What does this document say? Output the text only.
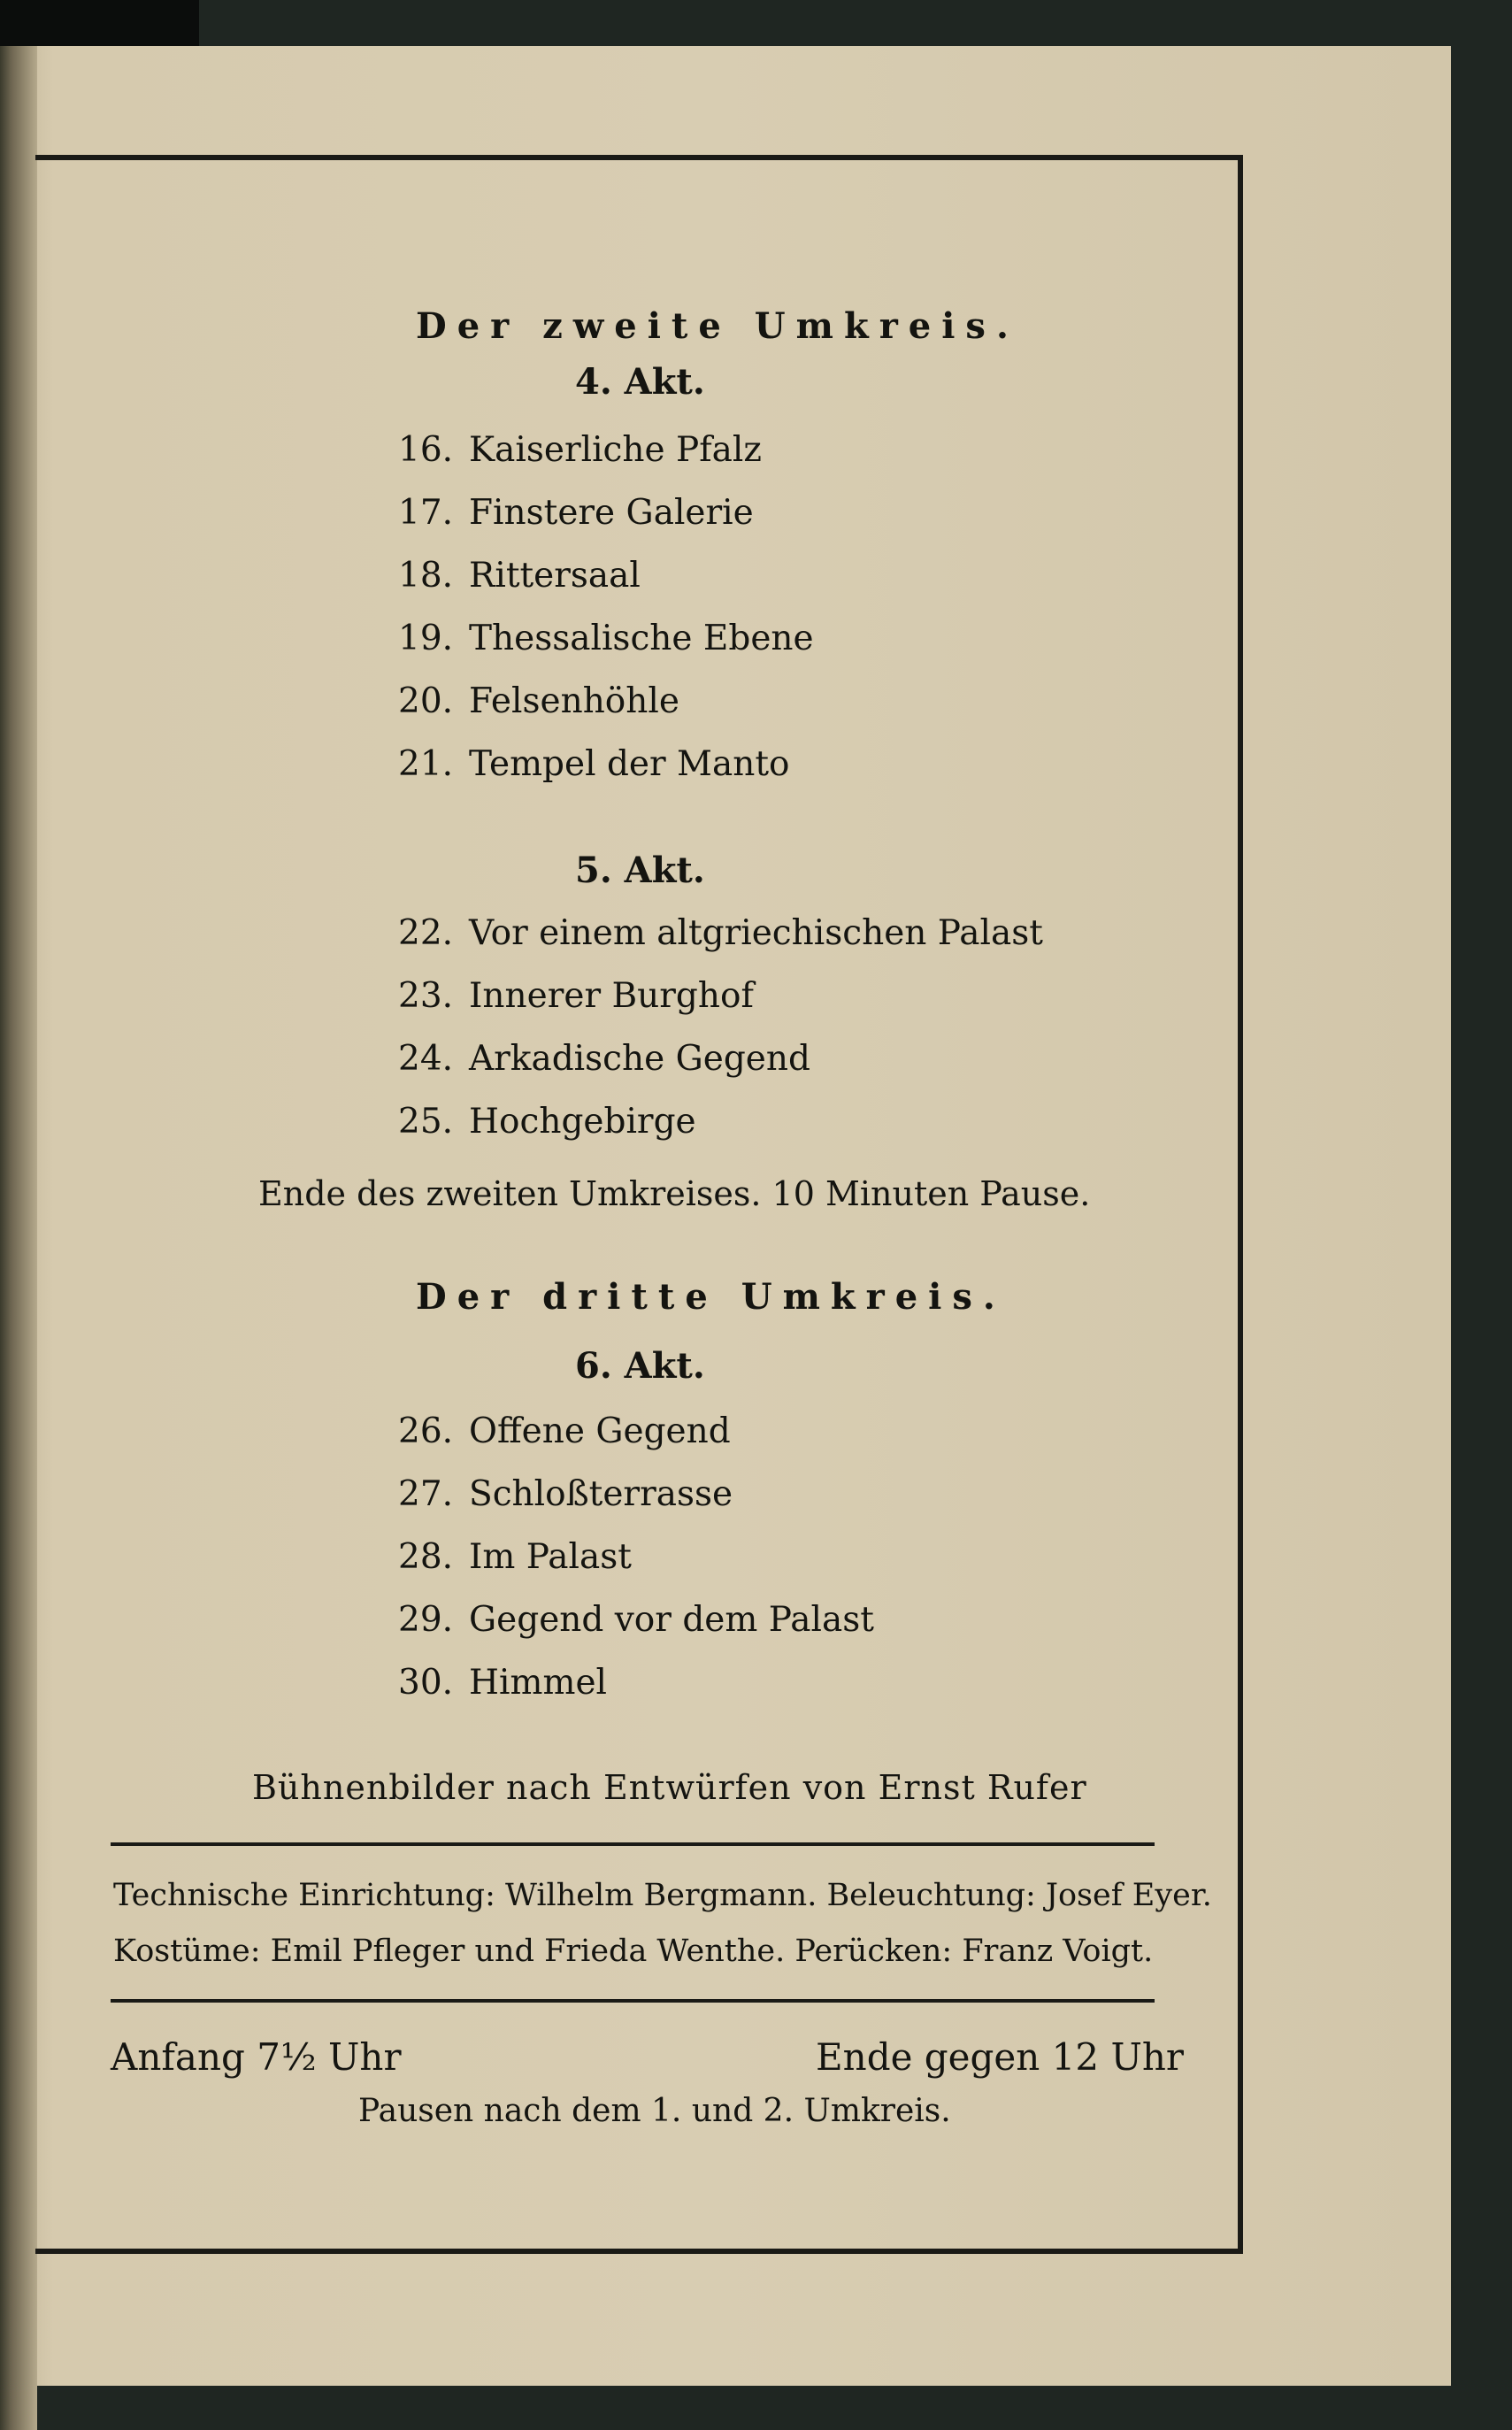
Der zweite Umkreis.
4. Akt.
16. Kaiserliche Pfalz
17. Finstere Galerie
18. Rittersaal
19. Thessalische Ebene
20. Felsenhöhle
21. Tempel der Manto
5. Akt.
22. Vor einem altgriechischen Palast
23. Innerer Burghof
24. Arkadische Gegend
25. Hochgebirge
Ende des zweiten Umkreises. 10 Minuten Pause.
Der dritte Umkreis.
6. Akt.
26. Offene Gegend
27. Schloßterrasse
28. Im Palast
29. Gegend vor dem Palast
30. Himmel
Bühnenbilder nach Entwürfen von Ernst Rufer
Technische Einrichtung: Wilhelm Bergmann. Beleuchtung: Josef Eyer.
Kostüme: Emil Pfleger und Frieda Wenthe. Perücken: Franz Voigt.
Anfang 7½ Uhr	Ende gegen 12 Uhr
Pausen nach dem 1. und 2. Umkreis.
